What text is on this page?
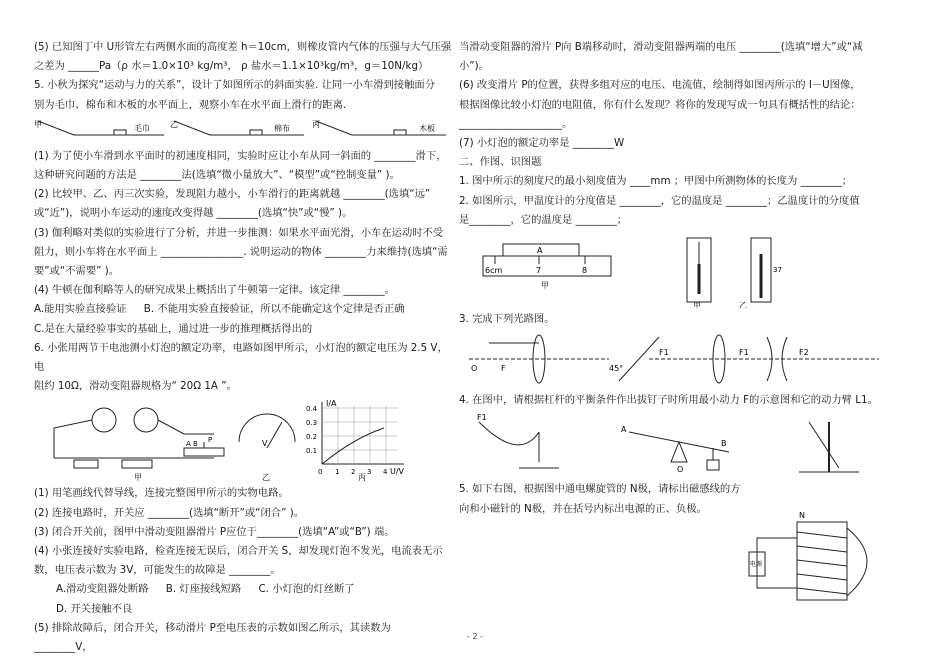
(5) 已知图丁中 U形管左右两侧水面的高度差 h＝10cm，则橡皮管内气体的压强与大气压强

之差为 ______Pa（ρ 水＝1.0×10³ kg/m³， ρ 盐水＝1.1×10³kg/m³，g＝10N/kg）

5. 小秋为探究“运动与力的关系”，设计了如图所示的斜面实验. 让同一小车滑到接触面分

别为毛巾、棉布和木板的水平面上，观察小车在水平面上滑行的距离.

甲	毛巾	乙	棉布	丙	木板

(1) 为了使小车滑到水平面时的初速度相同，实验时应让小车从同一斜面的 ________滑下，

这种研究问题的方法是 ________法(选填“微小量放大”、“模型”或“控制变量” )。

(2) 比较甲、乙、丙三次实验，发现阻力越小，小车滑行的距离就越 ________(选填“远”

或“近”)，说明小车运动的速度改变得越 ________(选填“快”或“慢” )。

(3) 伽利略对类似的实验进行了分析，并进一步推测：如果水平面光滑，小车在运动时不受

阻力，则小车将在水平面上 ________________. 说明运动的物体 ________力来维持(选填“需

要”或“不需要” )。

(4) 牛顿在伽利略等人的研究成果上概括出了牛顿第一定律。该定律 ________。

A.能用实验直接验证 B. 不能用实验直接验证，所以不能确定这个定律是否正确

C.是在大量经验事实的基础上，通过进一步的推理概括得出的

6. 小张用两节干电池测小灯泡的额定功率，电路如图甲所示，小灯泡的额定电压为 2.5 V，电

阻约 10Ω，滑动变阻器规格为“ 20Ω 1A ”。

I/A
U/V
0.4
0.3
0.2
0.1
0 1 2 3 4
V
A B P
甲	乙	丙

(1) 用笔画线代替导线，连接完整图甲所示的实物电路。

(2) 连接电路时，开关应 ________(选填“断开”或“闭合” )。

(3) 闭合开关前，图甲中滑动变阻器滑片 P应位于________(选填“A”或“B”) 端。

(4) 小张连接好实验电路，检查连接无误后，闭合开关 S，却发现灯泡不发光，电流表无示

数，电压表示数为 3V，可能发生的故障是 ________。

A.滑动变阻器处断路 B. 灯座接线短路 C. 小灯泡的灯丝断了 D. 开关接触不良

(5) 排除故障后，闭合开关，移动滑片 P至电压表的示数如图乙所示，其读数为 ________V，

当滑动变阻器的滑片 P向 B端移动时，滑动变阻器两端的电压 ________(选填“增大”或“减

小”)。

(6) 改变滑片 P的位置，获得多组对应的电压、电流值，绘制得如图丙所示的 I－U图像，

根据图像比较小灯泡的电阻值，你有什么发现？将你的发现写成一句具有概括性的结论：

____________________。

(7) 小灯泡的额定功率是 ________W

二、作图、识图题

1. 图中所示的刻度尺的最小刻度值为 ____mm ；甲图中所测物体的长度为 ________；

2. 如图所示，甲温度计的分度值是 ________，它的温度是 ________；乙温度计的分度值

是________，它的温度是 ________；

6cm	7	8
A
甲
甲	乙
37

3. 完成下列光路图。

O	F	45°
F1	F1	F2

4. 在图中，请根据杠杆的平衡条件作出拔钉子时所用最小动力 F的示意图和它的动力臂 L1。

F1
A
B
O

5. 如下右图，根据图中通电螺旋管的 N极，请标出磁感线的方

向和小磁针的 N极，并在括号内标出电源的正、负极。

N
电源
- 2 -
